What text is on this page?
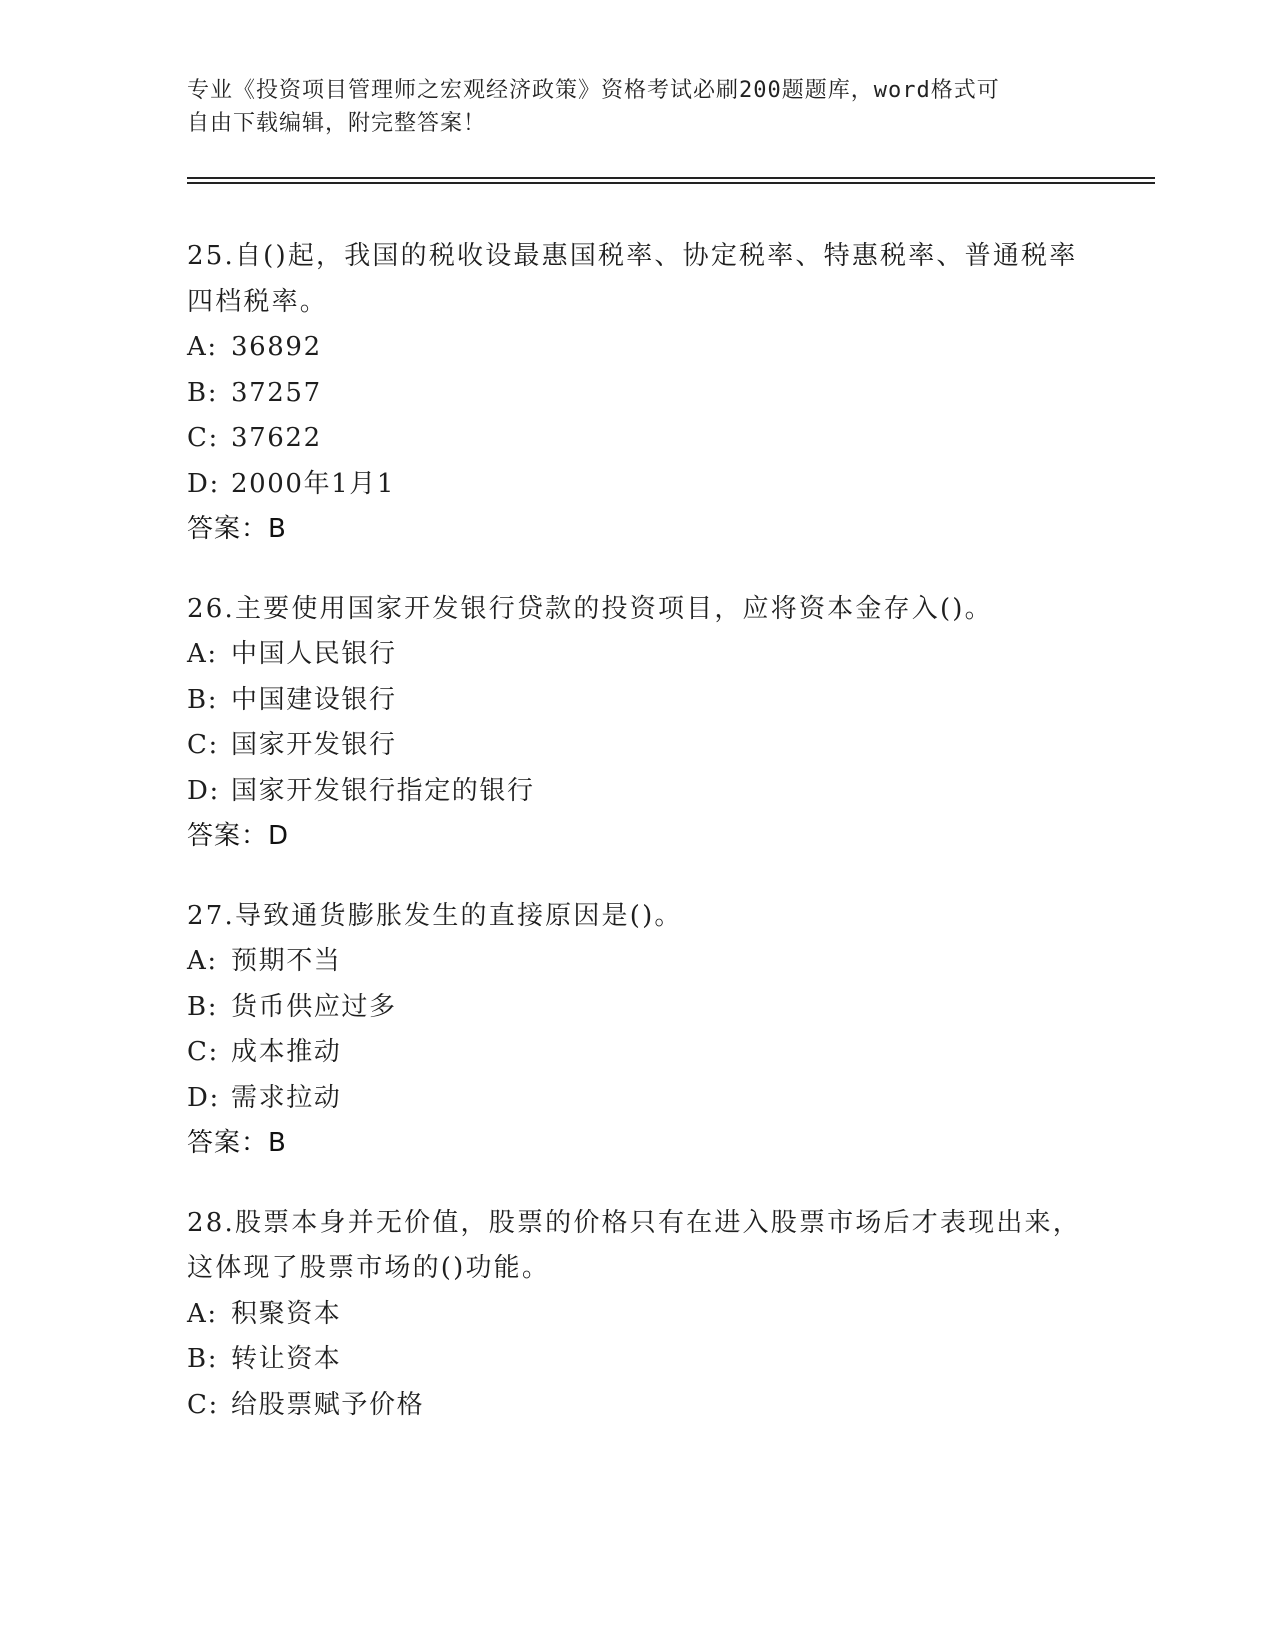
专业《投资项目管理师之宏观经济政策》资格考试必刷200题题库，word格式可
自由下载编辑，附完整答案！
25.自()起，我国的税收设最惠国税率、协定税率、特惠税率、普通税率四档税率。
A: 36892
B: 37257
C: 37622
D: 2000年1月1
答案：B
26.主要使用国家开发银行贷款的投资项目，应将资本金存入()。
A: 中国人民银行
B: 中国建设银行
C: 国家开发银行
D: 国家开发银行指定的银行
答案：D
27.导致通货膨胀发生的直接原因是()。
A: 预期不当
B: 货币供应过多
C: 成本推动
D: 需求拉动
答案：B
28.股票本身并无价值，股票的价格只有在进入股票市场后才表现出来，这体现了股票市场的()功能。
A: 积聚资本
B: 转让资本
C: 给股票赋予价格
